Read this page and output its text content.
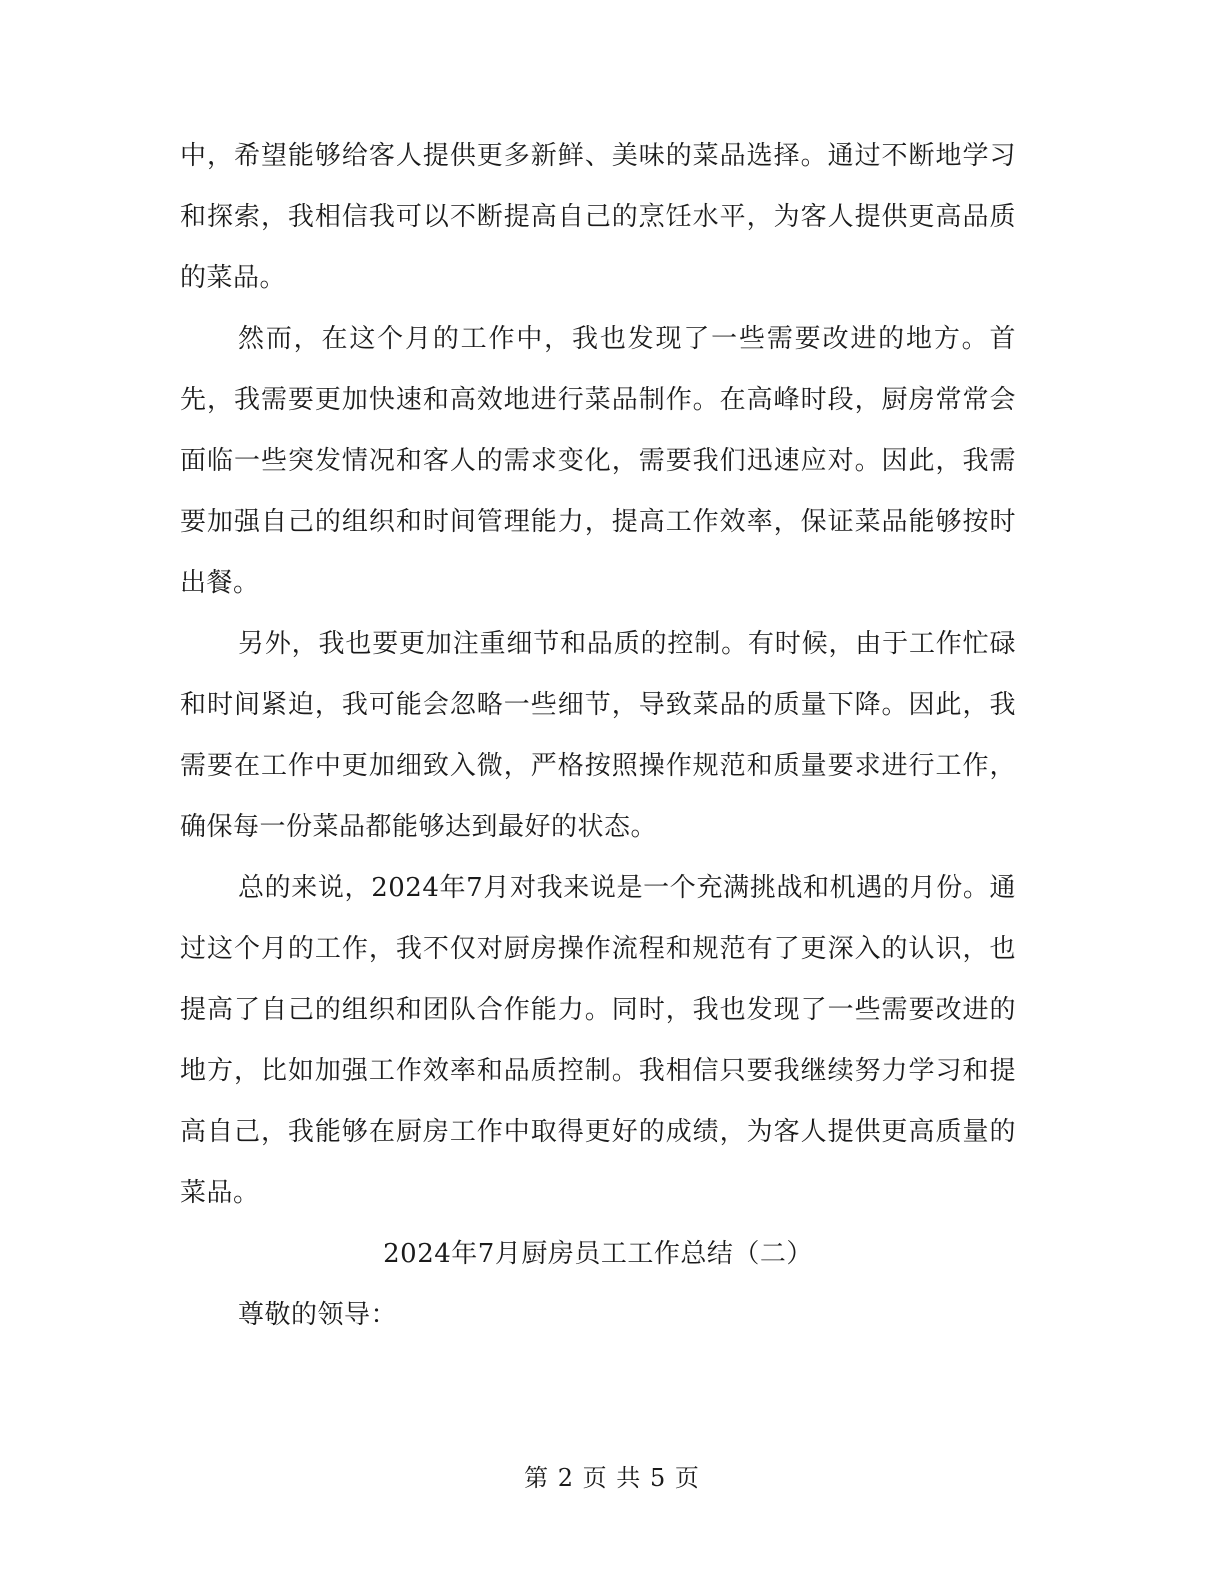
中，希望能够给客人提供更多新鲜、美味的菜品选择。通过不断地学习和探索，我相信我可以不断提高自己的烹饪水平，为客人提供更高品质的菜品。

然而，在这个月的工作中，我也发现了一些需要改进的地方。首先，我需要更加快速和高效地进行菜品制作。在高峰时段，厨房常常会面临一些突发情况和客人的需求变化，需要我们迅速应对。因此，我需要加强自己的组织和时间管理能力，提高工作效率，保证菜品能够按时出餐。

另外，我也要更加注重细节和品质的控制。有时候，由于工作忙碌和时间紧迫，我可能会忽略一些细节，导致菜品的质量下降。因此，我需要在工作中更加细致入微，严格按照操作规范和质量要求进行工作，确保每一份菜品都能够达到最好的状态。

总的来说，2024年7月对我来说是一个充满挑战和机遇的月份。通过这个月的工作，我不仅对厨房操作流程和规范有了更深入的认识，也提高了自己的组织和团队合作能力。同时，我也发现了一些需要改进的地方，比如加强工作效率和品质控制。我相信只要我继续努力学习和提高自己，我能够在厨房工作中取得更好的成绩，为客人提供更高质量的菜品。

2024年7月厨房员工工作总结（二）

尊敬的领导：

第 2 页 共 5 页
